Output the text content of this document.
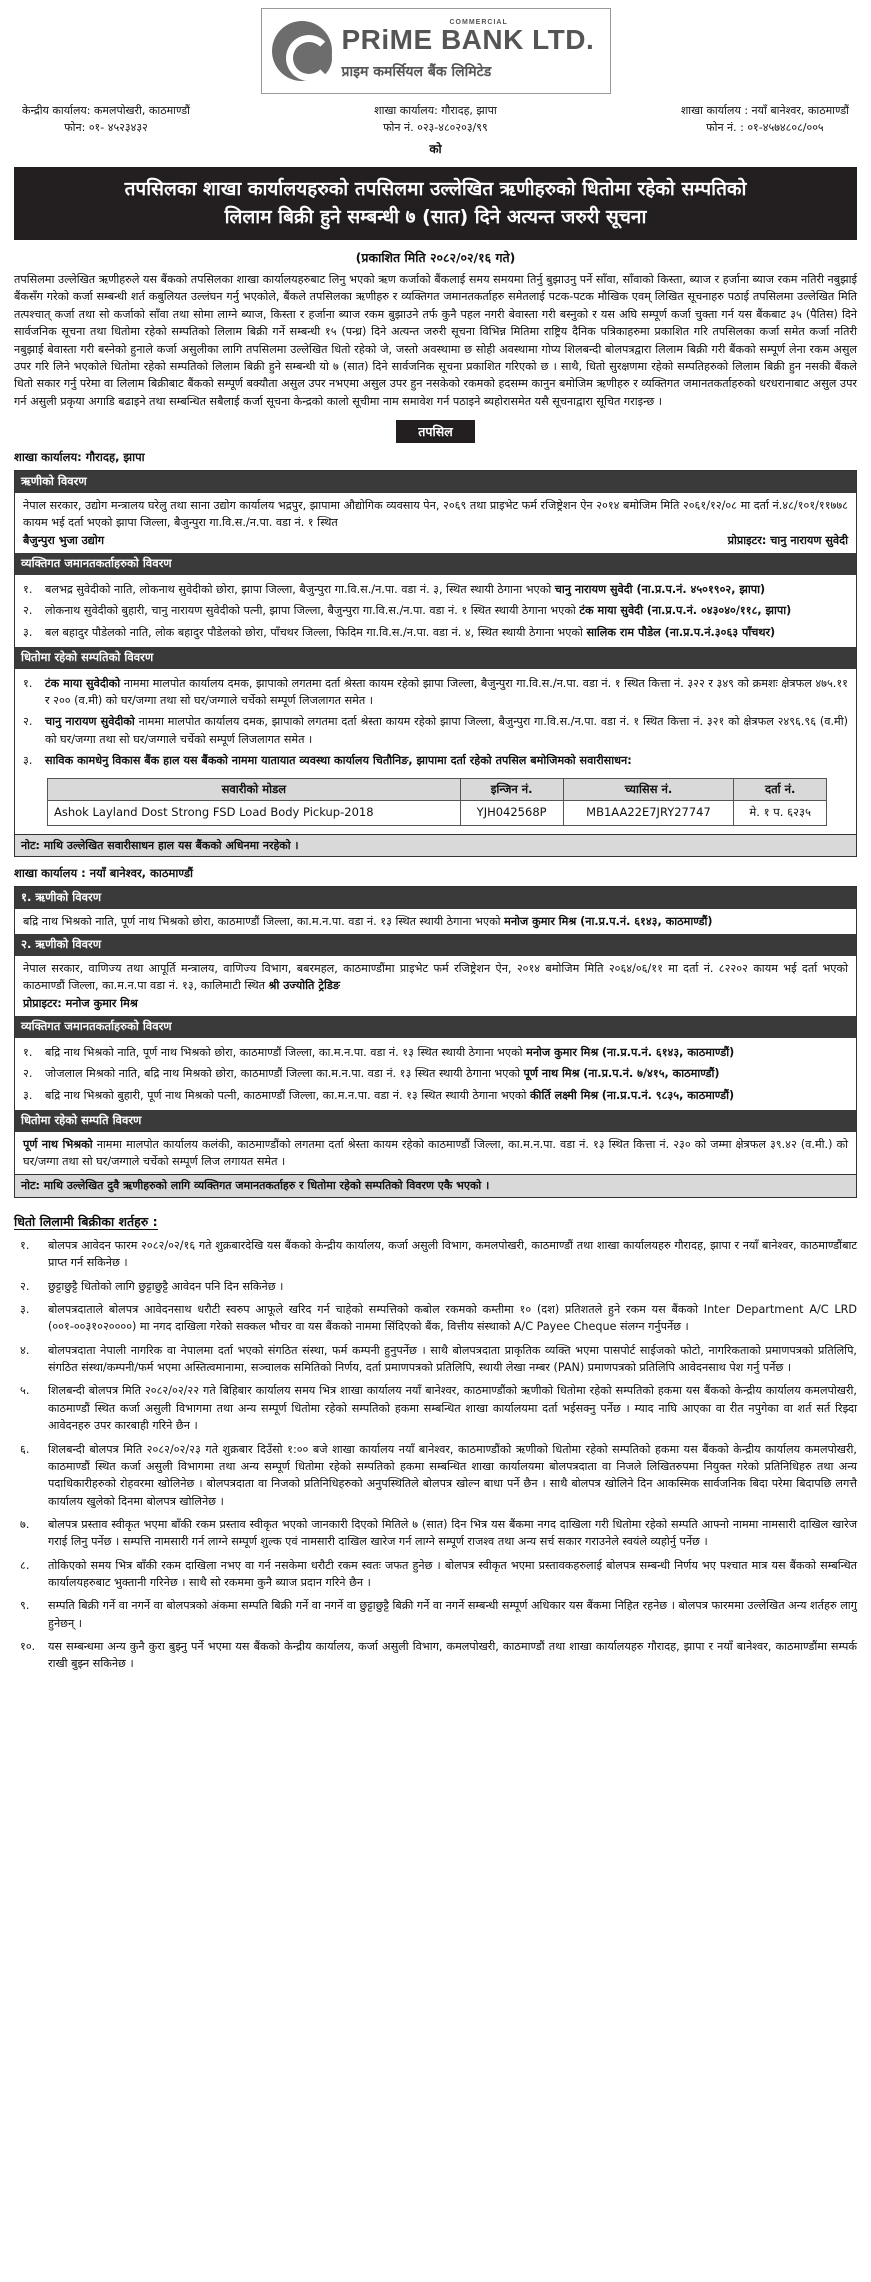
PRiME BANK LTD.
COMMERCIAL
प्राइम कमर्सियल बैंक लिमिटेड
केन्द्रीय कार्यालय: कमलपोखरी, काठमाण्डौं
फोन: ०१- ४५२३४३२
शाखा कार्यालय: गौरादह, झापा
फोन नं. ०२३-४८०२०३/९९
शाखा कार्यालय : नयाँ बानेश्वर, काठमाण्डौं
फोन नं. : ०१-४५७४८०८/००५
को
तपसिलका शाखा कार्यालयहरुको तपसिलमा उल्लेखित ऋणीहरुको धितोमा रहेको सम्पतिको
लिलाम बिक्री हुने सम्बन्धी ७ (सात) दिने अत्यन्त जरुरी सूचना
(प्रकाशित मिति २०८२/०२/१६ गते)
तपसिलमा उल्लेखित ऋणीहरुले यस बैंकको तपसिलका शाखा कार्यालयहरुबाट लिनु भएको ऋण कर्जाको बैंकलाई समय समयमा तिर्नु बुझाउनु पर्ने साँवा, साँवाको किस्ता, ब्याज र हर्जाना ब्याज रकम नतिरी नबुझाई बैंकसँग गरेको कर्जा सम्बन्धी शर्त कबुलियत उल्लंघन गर्नु भएकोले, बैंकले तपसिलका ऋणीहरु र व्यक्तिगत जमानतकर्ताहरु समेतलाई पटक-पटक मौखिक एवम् लिखित सूचनाहरु पठाई तपसिलमा उल्लेखित मिति तत्पश्चात् कर्जा तथा सो कर्जाको साँवा तथा सोमा लाग्ने ब्याज, किस्ता र हर्जाना ब्याज रकम बुझाउने तर्फ कुनै पहल नगरी बेवास्ता गरी बस्नुको र यस अघि सम्पूर्ण कर्जा चुक्ता गर्न यस बैंकबाट ३५ (पैतिस) दिने सार्वजनिक सूचना तथा धितोमा रहेको सम्पतिको लिलाम बिक्री गर्ने सम्बन्धी १५ (पन्ध्र) दिने अत्यन्त जरुरी सूचना विभिन्न मितिमा राष्ट्रिय दैनिक पत्रिकाहरुमा प्रकाशित गरि तपसिलका कर्जा समेत कर्जा नतिरी नबुझाई बेवास्ता गरी बस्नेको हुनाले कर्जा असुलीका लागि तपसिलमा उल्लेखित धितो रहेको जे, जस्तो अवस्थामा छ सोही अवस्थामा गोप्य शिलबन्दी बोलपत्रद्वारा लिलाम बिक्री गरी बैंकको सम्पूर्ण लेना रकम असुल उपर गरि लिने भएकोले धितोमा रहेको सम्पतिको लिलाम बिक्री हुने सम्बन्धी यो ७ (सात) दिने सार्वजनिक सूचना प्रकाशित गरिएको छ । साथै, धितो सुरक्षणमा रहेको सम्पतिहरुको लिलाम बिक्री हुन नसकी बैंकले धितो सकार गर्नु परेमा वा लिलाम बिक्रीबाट बैंकको सम्पूर्ण बक्यौता असुल उपर नभएमा असुल उपर हुन नसकेको रकमको हदसम्म कानुन बमोजिम ऋणीहरु र व्यक्तिगत जमानतकर्ताहरुको धरधरानाबाट असुल उपर गर्न असुली प्रकृया अगाडि बढाइने तथा सम्बन्धित सबैलाई कर्जा सूचना केन्द्रको कालो सूचीमा नाम समावेश गर्न पठाइने ब्यहोरासमेत यसै सूचनाद्वारा सूचित गराइन्छ ।
तपसिल
शाखा कार्यालय: गौरादह, झापा
ऋणीको विवरण
नेपाल सरकार, उद्योग मन्त्रालय घरेलु तथा साना उद्योग कार्यालय भद्रपुर, झापामा औद्योगिक व्यवसाय पेन, २०६९ तथा प्राइभेट फर्म रजिष्ट्रेशन ऐन २०१४ बमोजिम मिति २०६१/१२/०८ मा दर्ता नं.४८/१०१/११७७८ कायम भई दर्ता भएको झापा जिल्ला, बैजुन्पुरा गा.वि.स./न.पा. वडा नं. १ स्थित
बैजुन्पुरा भुजा उद्योग	प्रोप्राइटर: चानु नारायण सुवेदी
व्यक्तिगत जमानतकर्ताहरुको विवरण
१.	बलभद्र सुवेदीको नाति, लोकनाथ सुवेदीको छोरा, झापा जिल्ला, बैजुन्पुरा गा.वि.स./न.पा. वडा नं. ३, स्थित स्थायी ठेगाना भएको चानु नारायण सुवेदी (ना.प्र.प.नं. ४५०१९०२, झापा)
२.	लोकनाथ सुवेदीको बुहारी, चानु नारायण सुवेदीको पत्नी, झापा जिल्ला, बैजुन्पुरा गा.वि.स./न.पा. वडा नं. १ स्थित स्थायी ठेगाना भएको टंक माया सुवेदी (ना.प्र.प.नं. ०४३०४०/११८, झापा)
३.	बल बहादुर पौडेलको नाति, लोक बहादुर पौडेलको छोरा, पाँचथर जिल्ला, फिदिम गा.वि.स./न.पा. वडा नं. ४, स्थित स्थायी ठेगाना भएको सालिक राम पौडेल (ना.प्र.प.नं.३०६३ पाँचथर)
धितोमा रहेको सम्पतिको विवरण
१.	टंक माया सुवेदीको नाममा मालपोत कार्यालय दमक, झापाको लगतमा दर्ता श्रेस्ता कायम रहेको झापा जिल्ला, बैजुन्पुरा गा.वि.स./न.पा. वडा नं. १ स्थित कित्ता नं. ३२२ र ३४९ को क्रमशः क्षेत्रफल ४७५.११ र २०० (व.मी) को घर/जग्गा तथा सो घर/जग्गाले चर्चेको सम्पूर्ण लिजलागत समेत ।
२.	चानु नारायण सुवेदीको नाममा मालपोत कार्यालय दमक, झापाको लगतमा दर्ता श्रेस्ता कायम रहेको झापा जिल्ला, बैजुन्पुरा गा.वि.स./न.पा. वडा नं. १ स्थित कित्ता नं. ३२१ को क्षेत्रफल २४९६.९६ (व.मी) को घर/जग्गा तथा सो घर/जग्गाले चर्चेको सम्पूर्ण लिजलागत समेत ।
३.	साविक कामधेनु विकास बैंक हाल यस बैंकको नाममा यातायात व्यवस्था कार्यालय चितौनिङ, झापामा दर्ता रहेको तपसिल बमोजिमको सवारीसाधन:
सवारीको मोडल	इन्जिन नं.	च्यासिस नं.	दर्ता नं.
Ashok Layland Dost Strong FSD Load Body Pickup-2018	YJH042568P	MB1AA22E7JRY27747	मे. १ प. ६२३५
नोट: माथि उल्लेखित सवारीसाधन हाल यस बैंकको अधिनमा नरहेको ।
शाखा कार्यालय : नयाँ बानेश्वर, काठमाण्डौं
१. ऋणीको विवरण
बद्रि नाथ भिश्रको नाति, पूर्ण नाथ भिश्रको छोरा, काठमाण्डौं जिल्ला, का.म.न.पा. वडा नं. १३ स्थित स्थायी ठेगाना भएको मनोज कुमार मिश्र (ना.प्र.प.नं. ६१४३, काठमाण्डौं)
२. ऋणीको विवरण
नेपाल सरकार, वाणिज्य तथा आपूर्ति मन्त्रालय, वाणिज्य विभाग, बबरमहल, काठमाण्डौंमा प्राइभेट फर्म रजिष्ट्रेशन ऐन, २०१४ बमोजिम मिति २०६४/०६/११ मा दर्ता नं. ८२२०२ कायम भई दर्ता भएको काठमाण्डौं जिल्ला, का.म.न.पा वडा नं. १३, कालिमाटी स्थित श्री उज्योति ट्रेडिङ
प्रोप्राइटर: मनोज कुमार मिश्र
व्यक्तिगत जमानतकर्ताहरुको विवरण
१.	बद्रि नाथ भिश्रको नाति, पूर्ण नाथ भिश्रको छोरा, काठमाण्डौं जिल्ला, का.म.न.पा. वडा नं. १३ स्थित स्थायी ठेगाना भएको मनोज कुमार मिश्र (ना.प्र.प.नं. ६१४३, काठमाण्डौं)
२.	जोजलाल मिश्रको नाति, बद्रि नाथ मिश्रको छोरा, काठमाण्डौं जिल्ला का.म.न.पा. वडा नं. १३ स्थित स्थायी ठेगाना भएको पूर्ण नाथ मिश्र (ना.प्र.प.नं. ७/४१५, काठमाण्डौं)
३.	बद्रि नाथ भिश्रको बुहारी, पूर्ण नाथ मिश्रको पत्नी, काठमाण्डौं जिल्ला, का.म.न.पा. वडा नं. १३ स्थित स्थायी ठेगाना भएको कीर्ति लक्ष्मी मिश्र (ना.प्र.प.नं. ९८३५, काठमाण्डौं)
धितोमा रहेको सम्पति विवरण
पूर्ण नाथ भिश्रको नाममा मालपोत कार्यालय कलंकी, काठमाण्डौंको लगतमा दर्ता श्रेस्ता कायम रहेको काठमाण्डौं जिल्ला, का.म.न.पा. वडा नं. १३ स्थित कित्ता नं. २३० को जम्मा क्षेत्रफल ३९.४२ (व.मी.) को घर/जग्गा तथा सो घर/जग्गाले चर्चेको सम्पूर्ण लिज लगायत समेत ।
नोट: माथि उल्लेखित दुवै ऋणीहरुको लागि व्यक्तिगत जमानतकर्ताहरु र धितोमा रहेको सम्पतिको विवरण एकै भएको ।
धितो लिलामी बिक्रीका शर्तहरु :
१.	बोलपत्र आवेदन फारम २०८२/०२/१६ गते शुक्रबारदेखि यस बैंकको केन्द्रीय कार्यालय, कर्जा असुली विभाग, कमलपोखरी, काठमाण्डौं तथा शाखा कार्यालयहरु गौरादह, झापा र नयाँ बानेश्वर, काठमाण्डौंबाट प्राप्त गर्न सकिनेछ ।
२.	छुट्टाछुट्टै धितोको लागि छुट्टाछुट्टै आवेदन पनि दिन सकिनेछ ।
३.	बोलपत्रदाताले बोलपत्र आवेदनसाथ धरौटी स्वरुप आफूले खरिद गर्न चाहेको सम्पत्तिको कबोल रकमको कम्तीमा १० (दश) प्रतिशतले हुने रकम यस बैंकको Inter Department A/C LRD (००१-००३१०२००००) मा नगद दाखिला गरेको सक्कल भौचर वा यस बैंकको नाममा सिंदिएको बैंक, वित्तीय संस्थाको A/C Payee Cheque संलग्न गर्नुपर्नेछ ।
४.	बोलपत्रदाता नेपाली नागरिक वा नेपालमा दर्ता भएको संगठित संस्था, फर्म कम्पनी हुनुपर्नेछ । साथै बोलपत्रदाता प्राकृतिक व्यक्ति भएमा पासपोर्ट साईजको फोटो, नागरिकताको प्रमाणपत्रको प्रतिलिपि, संगठित संस्था/कम्पनी/फर्म भएमा अस्तित्वमानामा, सञ्चालक समितिको निर्णय, दर्ता प्रमाणपत्रको प्रतिलिपि, स्थायी लेखा नम्बर (PAN) प्रमाणपत्रको प्रतिलिपि आवेदनसाथ पेश गर्नु पर्नेछ ।
५.	शिलबन्दी बोलपत्र मिति २०८२/०२/२२ गते बिहिबार कार्यालय समय भित्र शाखा कार्यालय नयाँ बानेश्वर, काठमाण्डौंको ऋणीको धितोमा रहेको सम्पतिको हकमा यस बैंकको केन्द्रीय कार्यालय कमलपोखरी, काठमाण्डौं स्थित कर्जा असुली विभागमा तथा अन्य सम्पूर्ण धितोमा रहेको सम्पतिको हकमा सम्बन्धित शाखा कार्यालयमा दर्ता भईसक्नु पर्नेछ । म्याद नाघि आएका वा रीत नपुगेका वा शर्त सर्त रिझ्दा आवेदनहरु उपर कारबाही गरिने छैन ।
६.	शिलबन्दी बोलपत्र मिति २०८२/०२/२३ गते शुक्रबार दिउँसो १:०० बजे शाखा कार्यालय नयाँ बानेश्वर, काठमाण्डौंको ऋणीको धितोमा रहेको सम्पतिको हकमा यस बैंकको केन्द्रीय कार्यालय कमलपोखरी, काठमाण्डौं स्थित कर्जा असुली विभागमा तथा अन्य सम्पूर्ण धितोमा रहेको सम्पतिको हकमा सम्बन्धित शाखा कार्यालयमा बोलपत्रदाता वा निजले लिखितरुपमा नियुक्त गरेको प्रतिनिधिहरु तथा अन्य पदाधिकारीहरुको रोहवरमा खोलिनेछ । बोलपत्रदाता वा निजको प्रतिनिधिहरुको अनुपस्थितिले बोलपत्र खोल्न बाधा पर्ने छैन । साथै बोलपत्र खोलिने दिन आकस्मिक सार्वजनिक बिदा परेमा बिदापछि लगत्तै कार्यालय खुलेको दिनमा बोलपत्र खोलिनेछ ।
७.	बोलपत्र प्रस्ताव स्वीकृत भएमा बाँकी रकम प्रस्ताव स्वीकृत भएको जानकारी दिएको मितिले ७ (सात) दिन भित्र यस बैंकमा नगद दाखिला गरी धितोमा रहेको सम्पति आफ्नो नाममा नामसारी दाखिल खारेज गराई लिनु पर्नेछ । सम्पत्ति नामसारी गर्न लाग्ने सम्पूर्ण शुल्क एवं नामसारी दाखिल खारेज गर्न लाग्ने सम्पूर्ण राजश्व तथा अन्य सर्च सकार गराउनेले स्वयंले व्यहोर्नु पर्नेछ ।
८.	तोकिएको समय भित्र बाँकी रकम दाखिला नभए वा गर्न नसकेमा धरौटी रकम स्वतः जफत हुनेछ । बोलपत्र स्वीकृत भएमा प्रस्तावकहरुलाई बोलपत्र सम्बन्धी निर्णय भए पश्चात मात्र यस बैंकको सम्बन्धित कार्यालयहरुबाट भुक्तानी गरिनेछ । साथै सो रकममा कुनै ब्याज प्रदान गरिने छैन ।
९.	सम्पति बिक्री गर्ने वा नगर्ने वा बोलपत्रको अंकमा सम्पति बिक्री गर्ने वा नगर्ने वा छुट्टाछुट्टै बिक्री गर्ने वा नगर्ने सम्बन्धी सम्पूर्ण अधिकार यस बैंकमा निहित रहनेछ । बोलपत्र फारममा उल्लेखित अन्य शर्तहरु लागु हुनेछन् ।
१०.	यस सम्बन्धमा अन्य कुनै कुरा बुझ्नु पर्ने भएमा यस बैंकको केन्द्रीय कार्यालय, कर्जा असुली विभाग, कमलपोखरी, काठमाण्डौं तथा शाखा कार्यालयहरु गौरादह, झापा र नयाँ बानेश्वर, काठमाण्डौंमा सम्पर्क राखी बुझ्न सकिनेछ ।
